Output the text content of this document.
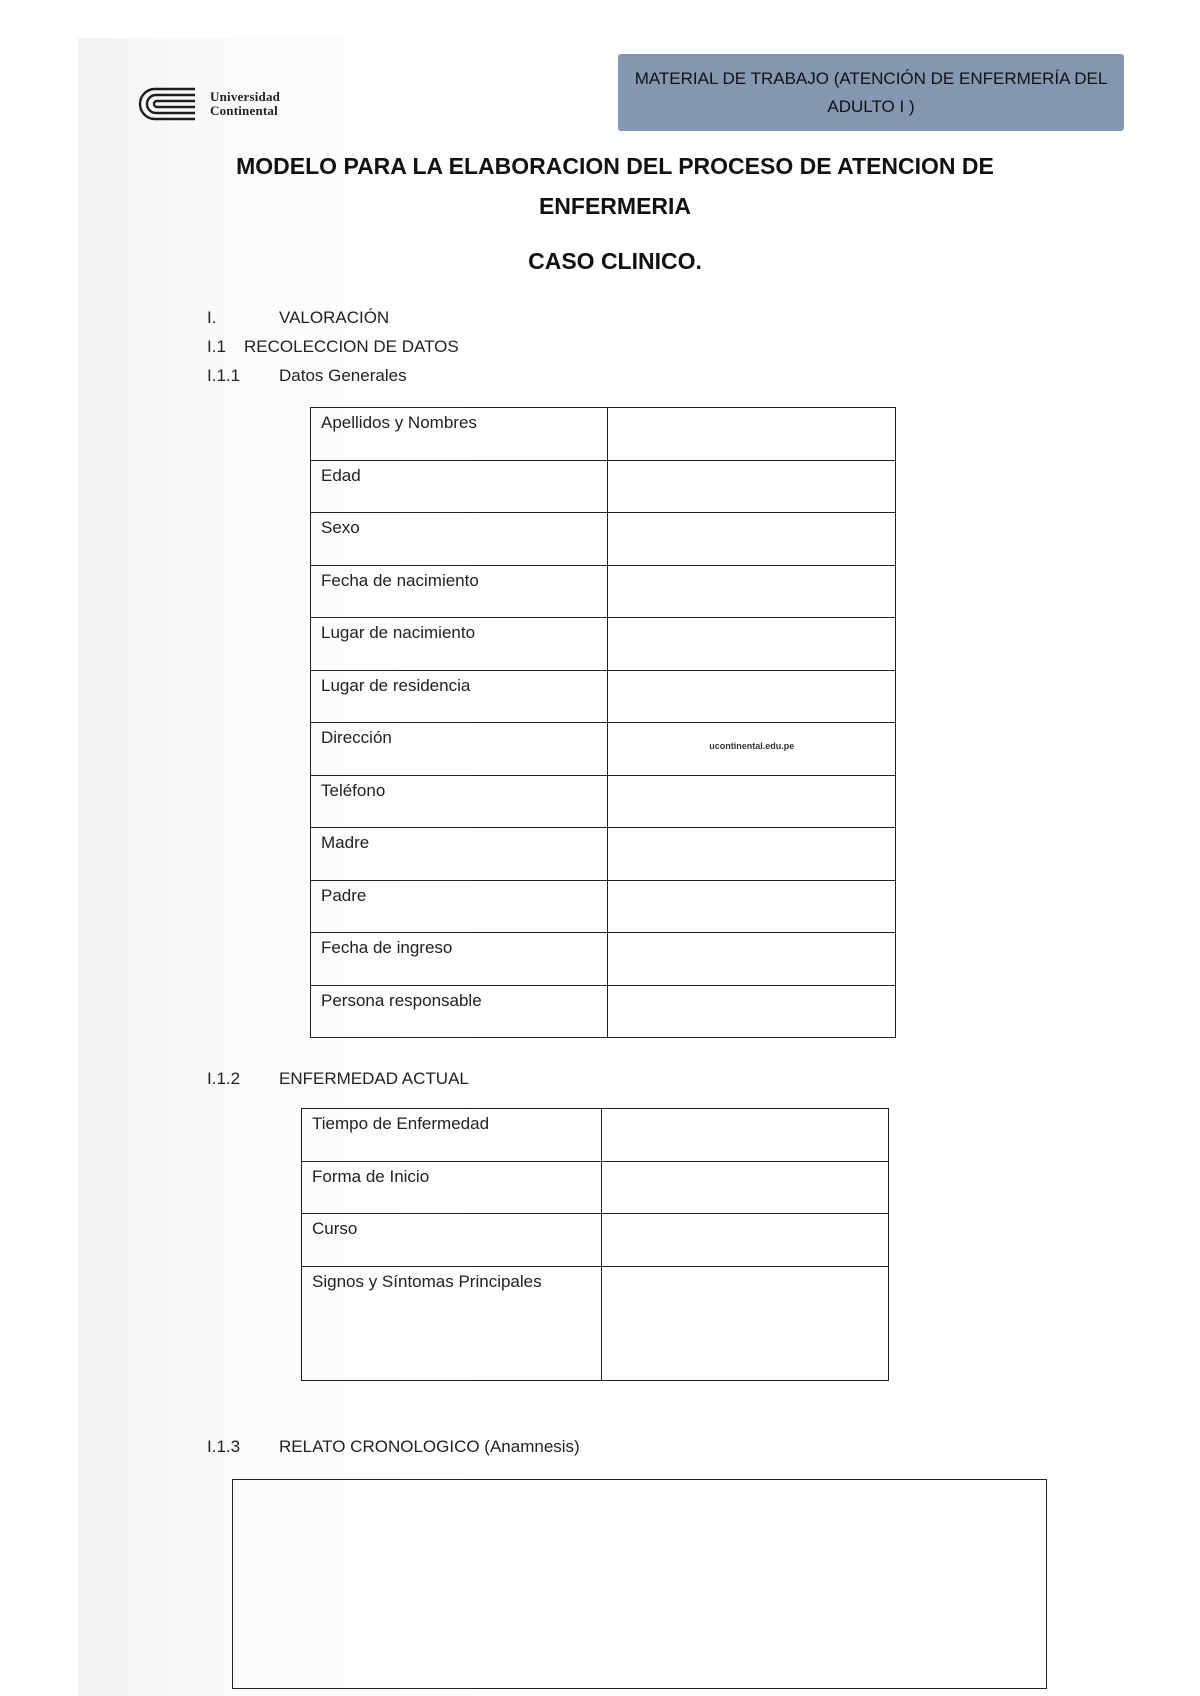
Universidad
Continental
MATERIAL DE TRABAJO (ATENCIÓN DE ENFERMERÍA DEL ADULTO I )
MODELO PARA LA ELABORACION DEL PROCESO DE ATENCION DE ENFERMERIA
CASO CLINICO.
I.	VALORACIÓN
I.1 RECOLECCION DE DATOS
I.1.1 Datos Generales
Apellidos y Nombres	
Edad	
Sexo	
Fecha de nacimiento	
Lugar de nacimiento	
Lugar de residencia	
Dirección	ucontinental.edu.pe
Teléfono	
Madre	
Padre	
Fecha de ingreso	
Persona responsable	
I.1.2 ENFERMEDAD ACTUAL
Tiempo de Enfermedad	
Forma de Inicio	
Curso	
Signos y Síntomas Principales	
I.1.3 RELATO CRONOLOGICO (Anamnesis)
